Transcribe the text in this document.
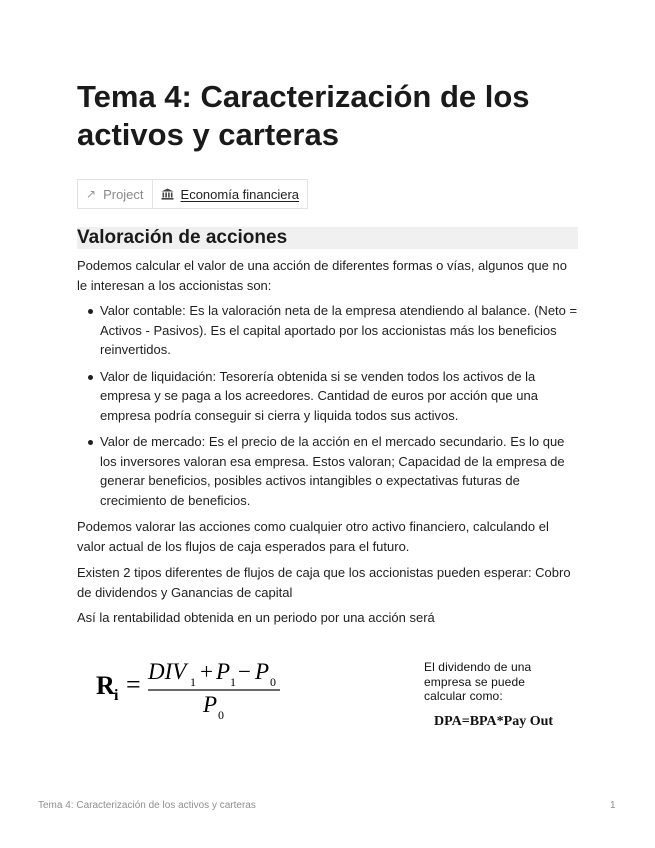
Tema 4: Caracterización de los activos y carteras
↗ Project	Economía financiera
Valoración de acciones

Podemos calcular el valor de una acción de diferentes formas o vías, algunos que no le interesan a los accionistas son:

Valor contable: Es la valoración neta de la empresa atendiendo al balance. (Neto = Activos - Pasivos). Es el capital aportado por los accionistas más los beneficios reinvertidos.
Valor de liquidación: Tesorería obtenida si se venden todos los activos de la empresa y se paga a los acreedores. Cantidad de euros por acción que una empresa podría conseguir si cierra y liquida todos sus activos.
Valor de mercado: Es el precio de la acción en el mercado secundario. Es lo que los inversores valoran esa empresa. Estos valoran; Capacidad de la empresa de generar beneficios, posibles activos intangibles o expectativas futuras de crecimiento de beneficios.

Podemos valorar las acciones como cualquier otro activo financiero, calculando el valor actual de los flujos de caja esperados para el futuro.

Existen 2 tipos diferentes de flujos de caja que los accionistas pueden esperar: Cobro de dividendos y Ganancias de capital

Así la rentabilidad obtenida en un periodo por una acción será

R i = DIV 1 + P 1 − P 0
P 0

El dividendo de una empresa se puede calcular como:

DPA=BPA*Pay Out

Tema 4: Caracterización de los activos y carteras	1
